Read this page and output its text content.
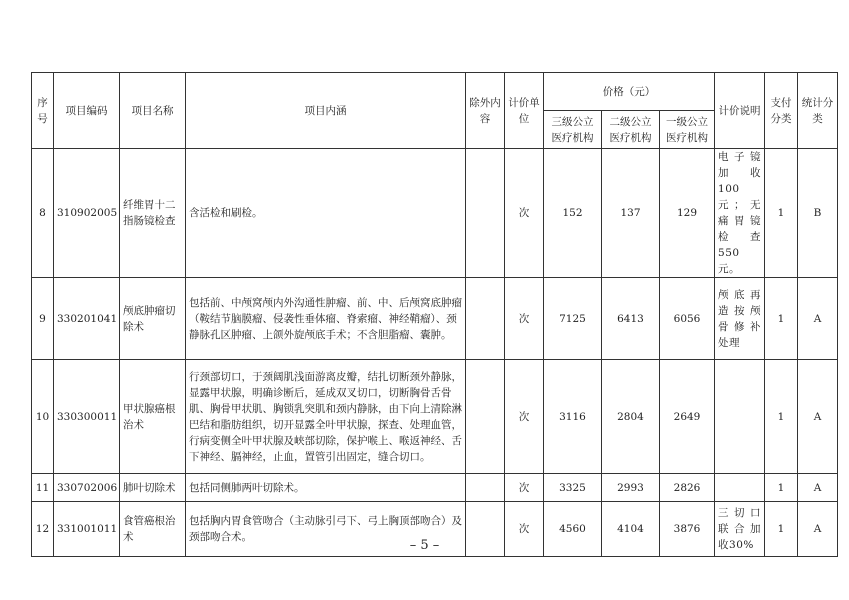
序号	项目编码	项目名称	项目内涵	除外内容	计价单位	价格（元）			计价说明	支付分类	统计分类
						三级公立医疗机构	二级公立医疗机构	一级公立医疗机构			
8	310902005	纤维胃十二指肠镜检查	含活检和刷检。		次	152	137	129	电子镜加收100元；无痛胃镜检查 550元。	1	B
9	330201041	颅底肿瘤切除术	包括前、中颅窝颅内外沟通性肿瘤、前、中、后颅窝底肿瘤（鞍结节脑膜瘤、侵袭性垂体瘤、脊索瘤、神经鞘瘤）、颈静脉孔区肿瘤、上颌外旋颅底手术；不含胆脂瘤、囊肿。		次	7125	6413	6056	颅底再造按颅骨修补处理	1	A
10	330300011	甲状腺癌根治术	行颈部切口，于颈阔肌浅面游离皮瓣，结扎切断颈外静脉，显露甲状腺，明确诊断后，延成双叉切口，切断胸骨舌骨肌、胸骨甲状肌、胸锁乳突肌和颈内静脉，由下向上清除淋巴结和脂肪组织，切开显露全叶甲状腺，探查、处理血管，行病变侧全叶甲状腺及峡部切除，保护喉上、喉返神经、舌下神经、膈神经，止血，置管引出固定，缝合切口。		次	3116	2804	2649		1	A
11	330702006	肺叶切除术	包括同侧肺两叶切除术。		次	3325	2993	2826		1	A
12	331001011	食管癌根治术	包括胸内胃食管吻合（主动脉引弓下、弓上胸顶部吻合）及颈部吻合术。		次	4560	4104	3876	三切口联合加收30%	1	A
– 5 –
